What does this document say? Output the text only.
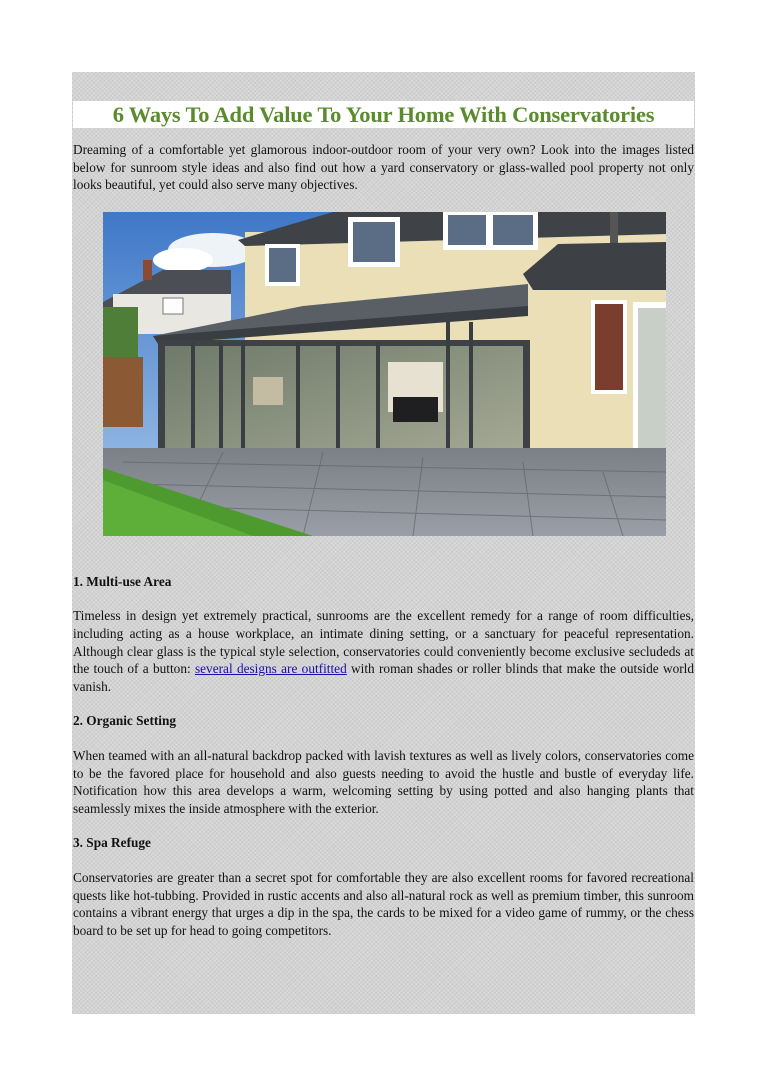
6 Ways To Add Value To Your Home With Conservatories

Dreaming of a comfortable yet glamorous indoor-outdoor room of your very own? Look into the images listed below for sunroom style ideas and also find out how a yard conservatory or glass-walled pool property not only looks beautiful, yet could also serve many objectives.

1. Multi-use Area

Timeless in design yet extremely practical, sunrooms are the excellent remedy for a range of room difficulties, including acting as a house workplace, an intimate dining setting, or a sanctuary for peaceful representation. Although clear glass is the typical style selection, conservatories could conveniently become exclusive secludeds at the touch of a button: several designs are outfitted with roman shades or roller blinds that make the outside world vanish.

2. Organic Setting

When teamed with an all-natural backdrop packed with lavish textures as well as lively colors, conservatories come to be the favored place for household and also guests needing to avoid the hustle and bustle of everyday life. Notification how this area develops a warm, welcoming setting by using potted and also hanging plants that seamlessly mixes the inside atmosphere with the exterior.

3. Spa Refuge

Conservatories are greater than a secret spot for comfortable they are also excellent rooms for favored recreational quests like hot-tubbing. Provided in rustic accents and also all-natural rock as well as premium timber, this sunroom contains a vibrant energy that urges a dip in the spa, the cards to be mixed for a video game of rummy, or the chess board to be set up for head to going competitors.
